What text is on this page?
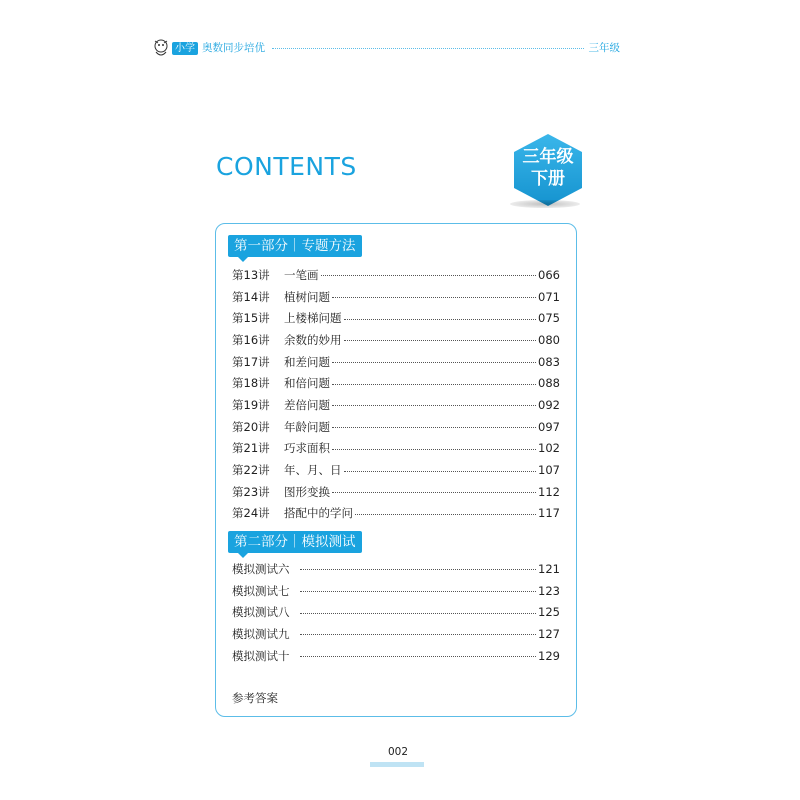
小学 奥数同步培优	三年级
CONTENTS	三年级
下册
第一部分｜专题方法
第13讲	一笔画	066
第14讲	植树问题	071
第15讲	上楼梯问题	075
第16讲	余数的妙用	080
第17讲	和差问题	083
第18讲	和倍问题	088
第19讲	差倍问题	092
第20讲	年龄问题	097
第21讲	巧求面积	102
第22讲	年、月、日	107
第23讲	图形变换	112
第24讲	搭配中的学问	117
第二部分｜模拟测试
模拟测试六	121
模拟测试七	123
模拟测试八	125
模拟测试九	127
模拟测试十	129
参考答案
002
